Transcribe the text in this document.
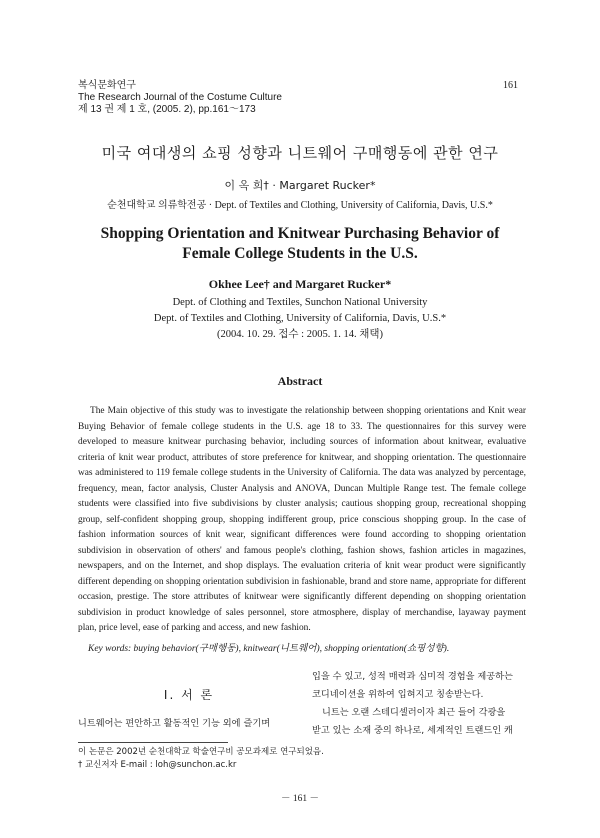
복식문화연구
The Research Journal of the Costume Culture
제 13 권 제 1 호, (2005. 2), pp.161～173
161
미국 여대생의 쇼핑 성향과 니트웨어 구매행동에 관한 연구
이 옥 희† · Margaret Rucker*
순천대학교 의류학전공 · Dept. of Textiles and Clothing, University of California, Davis, U.S.*
Shopping Orientation and Knitwear Purchasing Behavior of
Female College Students in the U.S.
Okhee Lee† and Margaret Rucker*
Dept. of Clothing and Textiles, Sunchon National University
Dept. of Textiles and Clothing, University of California, Davis, U.S.*
(2004. 10. 29. 접수 : 2005. 1. 14. 채택)
Abstract

The Main objective of this study was to investigate the relationship between shopping orientations and Knit wear Buying Behavior of female college students in the U.S. age 18 to 33. The questionnaires for this survey were developed to measure knitwear purchasing behavior, including sources of information about knitwear, evaluative criteria of knit wear product, attributes of store preference for knitwear, and shopping orientation. The questionnaire was administered to 119 female college students in the University of California. The data was analyzed by percentage, frequency, mean, factor analysis, Cluster Analysis and ANOVA, Duncan Multiple Range test. The female college students were classified into five subdivisions by cluster analysis; cautious shopping group, recreational shopping group, self-confident shopping group, shopping indifferent group, price conscious shopping group. In the case of fashion information sources of knit wear, significant differences were found according to shopping orientation subdivision in observation of others' and famous people's clothing, fashion shows, fashion articles in magazines, newspapers, and on the Internet, and shop displays. The evaluation criteria of knit wear product were significantly different depending on shopping orientation subdivision in fashionable, brand and store name, appropriate for different occasion, prestige. The store attributes of knitwear were significantly different depending on shopping orientation subdivision in product knowledge of sales personnel, store atmosphere, display of merchandise, layaway payment plan, price level, ease of parking and access, and new fashion.

Key words: buying behavior(구매행동), knitwear(니트웨어), shopping orientation(쇼핑성향).
Ⅰ. 서 론
니트웨어는 편안하고 활동적인 기능 외에 즐기며
입을 수 있고, 성적 매력과 심미적 경험을 제공하는
코디네이션을 위하여 입혀지고 칭송받는다.
니트는 오랜 스테디셀러이자 최근 들어 각광을
받고 있는 소재 중의 하나로, 세계적인 트랜드인 캐
이 논문은 2002년 순천대학교 학술연구비 공모과제로 연구되었음.
† 교신저자 E-mail : loh@sunchon.ac.kr
－ 161 －
